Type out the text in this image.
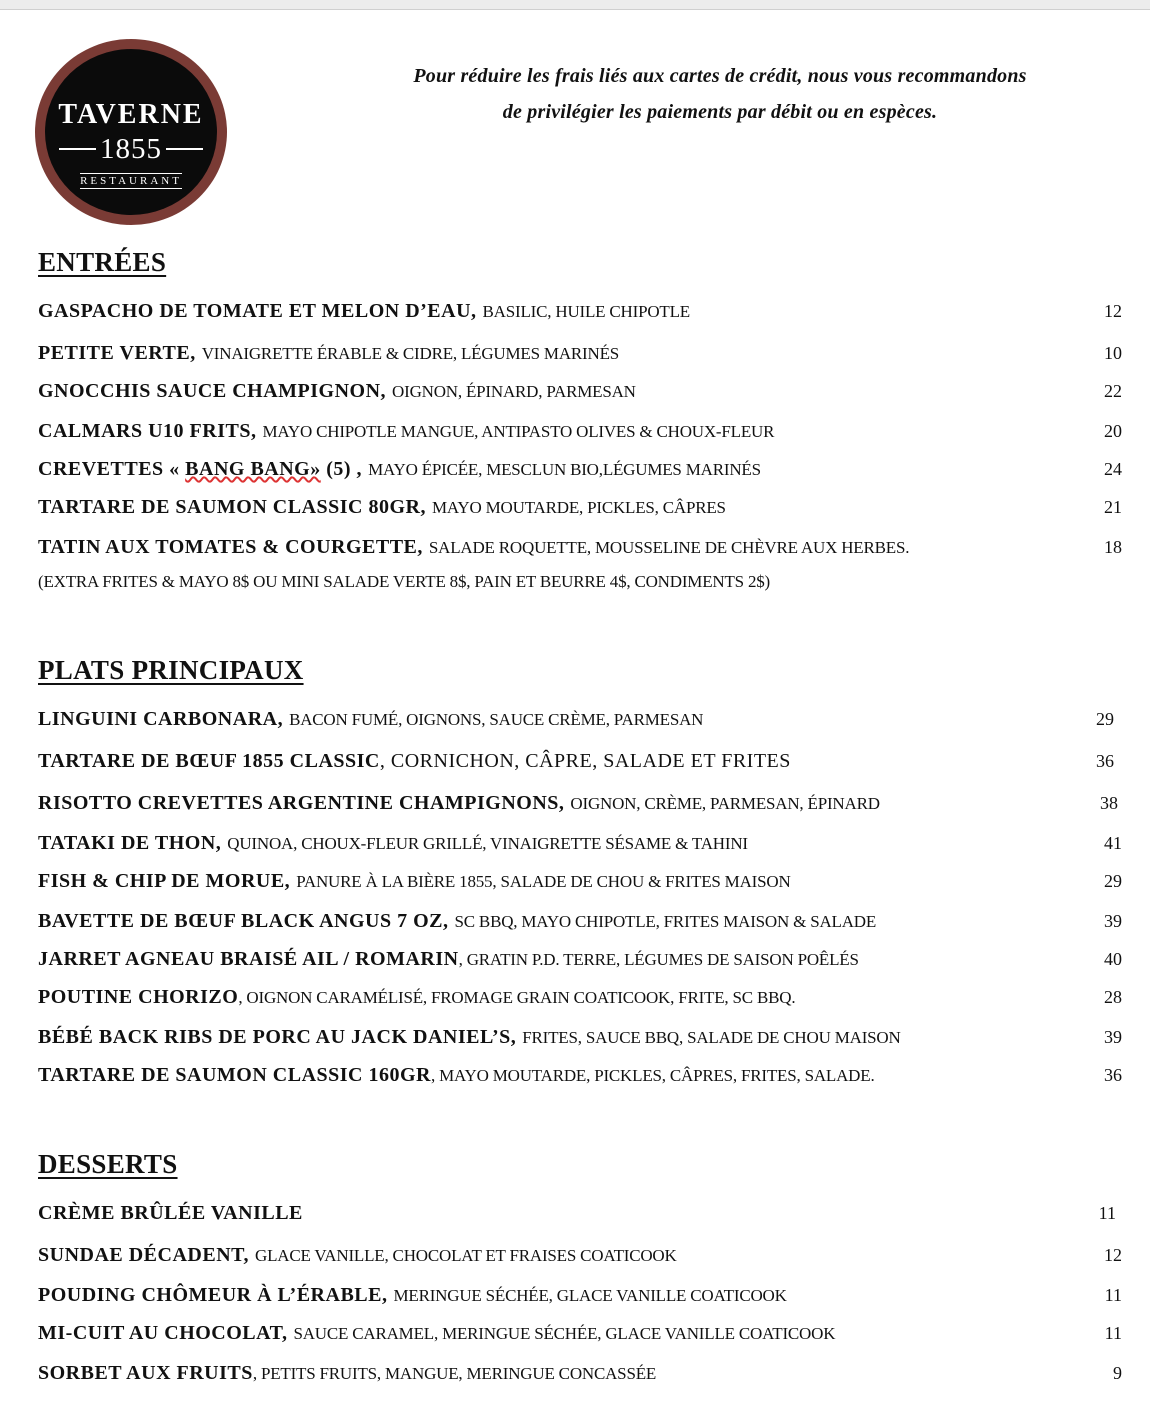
TAVERNE
1855
RESTAURANT
Pour réduire les frais liés aux cartes de crédit, nous vous recommandons
de privilégier les paiements par débit ou en espèces.
ENTRÉES
GASPACHO DE TOMATE ET MELON D’EAU, BASILIC, HUILE CHIPOTLE	12
PETITE VERTE, VINAIGRETTE ÉRABLE & CIDRE, LÉGUMES MARINÉS	10
GNOCCHIS SAUCE CHAMPIGNON, OIGNON, ÉPINARD, PARMESAN	22
CALMARS U10 FRITS, MAYO CHIPOTLE MANGUE, ANTIPASTO OLIVES & CHOUX-FLEUR	20
CREVETTES « BANG BANG» (5) , MAYO ÉPICÉE, MESCLUN BIO,LÉGUMES MARINÉS	24
TARTARE DE SAUMON CLASSIC 80GR, MAYO MOUTARDE, PICKLES, CÂPRES	21
TATIN AUX TOMATES & COURGETTE, SALADE ROQUETTE, MOUSSELINE DE CHÈVRE AUX HERBES.	18
(EXTRA FRITES & MAYO 8$ OU MINI SALADE VERTE 8$, PAIN ET BEURRE 4$, CONDIMENTS 2$)
PLATS PRINCIPAUX
LINGUINI CARBONARA, BACON FUMÉ, OIGNONS, SAUCE CRÈME, PARMESAN	29
TARTARE DE BŒUF 1855 CLASSIC , CORNICHON, CÂPRE, SALADE ET FRITES	36
RISOTTO CREVETTES ARGENTINE CHAMPIGNONS, OIGNON, CRÈME, PARMESAN, ÉPINARD	38
TATAKI DE THON, QUINOA, CHOUX-FLEUR GRILLÉ, VINAIGRETTE SÉSAME & TAHINI	41
FISH & CHIP DE MORUE, PANURE À LA BIÈRE 1855, SALADE DE CHOU & FRITES MAISON	29
BAVETTE DE BŒUF BLACK ANGUS 7 OZ, SC BBQ, MAYO CHIPOTLE, FRITES MAISON & SALADE	39
JARRET AGNEAU BRAISÉ AIL / ROMARIN , GRATIN P.D. TERRE, LÉGUMES DE SAISON POÊLÉS	40
POUTINE CHORIZO , OIGNON CARAMÉLISÉ, FROMAGE GRAIN COATICOOK, FRITE, SC BBQ.	28
BÉBÉ BACK RIBS DE PORC AU JACK DANIEL’S, FRITES, SAUCE BBQ, SALADE DE CHOU MAISON	39
TARTARE DE SAUMON CLASSIC 160GR , MAYO MOUTARDE, PICKLES, CÂPRES, FRITES, SALADE.	36
DESSERTS
CRÈME BRÛLÉE VANILLE	11
SUNDAE DÉCADENT, GLACE VANILLE, CHOCOLAT ET FRAISES COATICOOK	12
POUDING CHÔMEUR À L’ÉRABLE, MERINGUE SÉCHÉE, GLACE VANILLE COATICOOK	11
MI-CUIT AU CHOCOLAT, SAUCE CARAMEL, MERINGUE SÉCHÉE, GLACE VANILLE COATICOOK	11
SORBET AUX FRUITS , PETITS FRUITS, MANGUE, MERINGUE CONCASSÉE	9
